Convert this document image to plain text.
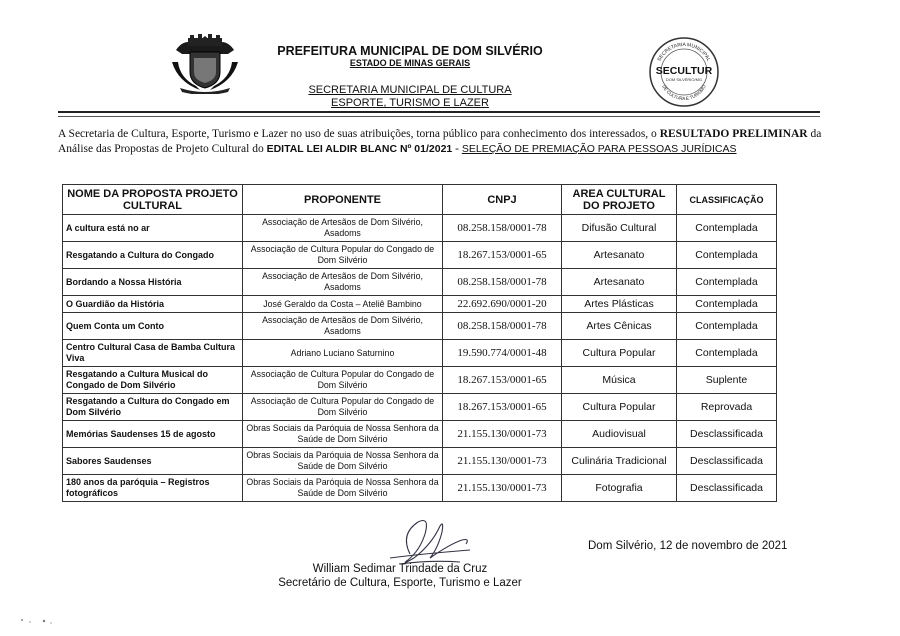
PREFEITURA MUNICIPAL DE DOM SILVÉRIO
ESTADO DE MINAS GERAIS
SECRETARIA MUNICIPAL DE CULTURA
ESPORTE, TURISMO E LAZER
SECRETARIA MUNICIPAL
SECULTUR
DOM SILVÉRIO/MG
DE CULTURA E TURISMO
A Secretaria de Cultura, Esporte, Turismo e Lazer no uso de suas atribuições, torna público para conhecimento dos interessados, o RESULTADO PRELIMINAR da Análise das Propostas de Projeto Cultural do EDITAL LEI ALDIR BLANC Nº 01/2021 - SELEÇÃO DE PREMIAÇÃO PARA PESSOAS JURÍDICAS
NOME DA PROPOSTA PROJETO CULTURAL	PROPONENTE	CNPJ	AREA CULTURAL DO PROJETO	CLASSIFICAÇÃO
A cultura está no ar	Associação de Artesãos de Dom Silvério, Asadoms	08.258.158/0001-78	Difusão Cultural	Contemplada
Resgatando a Cultura do Congado	Associação de Cultura Popular do Congado de Dom Silvério	18.267.153/0001-65	Artesanato	Contemplada
Bordando a Nossa História	Associação de Artesãos de Dom Silvério, Asadoms	08.258.158/0001-78	Artesanato	Contemplada
O Guardião da História	José Geraldo da Costa – Ateliê Bambino	22.692.690/0001-20	Artes Plásticas	Contemplada
Quem Conta um Conto	Associação de Artesãos de Dom Silvério, Asadoms	08.258.158/0001-78	Artes Cênicas	Contemplada
Centro Cultural Casa de Bamba Cultura Viva	Adriano Luciano Saturnino	19.590.774/0001-48	Cultura Popular	Contemplada
Resgatando a Cultura Musical do Congado de Dom Silvério	Associação de Cultura Popular do Congado de Dom Silvério	18.267.153/0001-65	Música	Suplente
Resgatando a Cultura do Congado em Dom Silvério	Associação de Cultura Popular do Congado de Dom Silvério	18.267.153/0001-65	Cultura Popular	Reprovada
Memórias Saudenses 15 de agosto	Obras Sociais da Paróquia de Nossa Senhora da Saúde de Dom Silvério	21.155.130/0001-73	Audiovisual	Desclassificada
Sabores Saudenses	Obras Sociais da Paróquia de Nossa Senhora da Saúde de Dom Silvério	21.155.130/0001-73	Culinária Tradicional	Desclassificada
180 anos da paróquia – Registros fotográficos	Obras Sociais da Paróquia de Nossa Senhora da Saúde de Dom Silvério	21.155.130/0001-73	Fotografia	Desclassificada
Dom Silvério, 12 de novembro de 2021
William Sedimar Trindade da Cruz
Secretário de Cultura, Esporte, Turismo e Lazer
